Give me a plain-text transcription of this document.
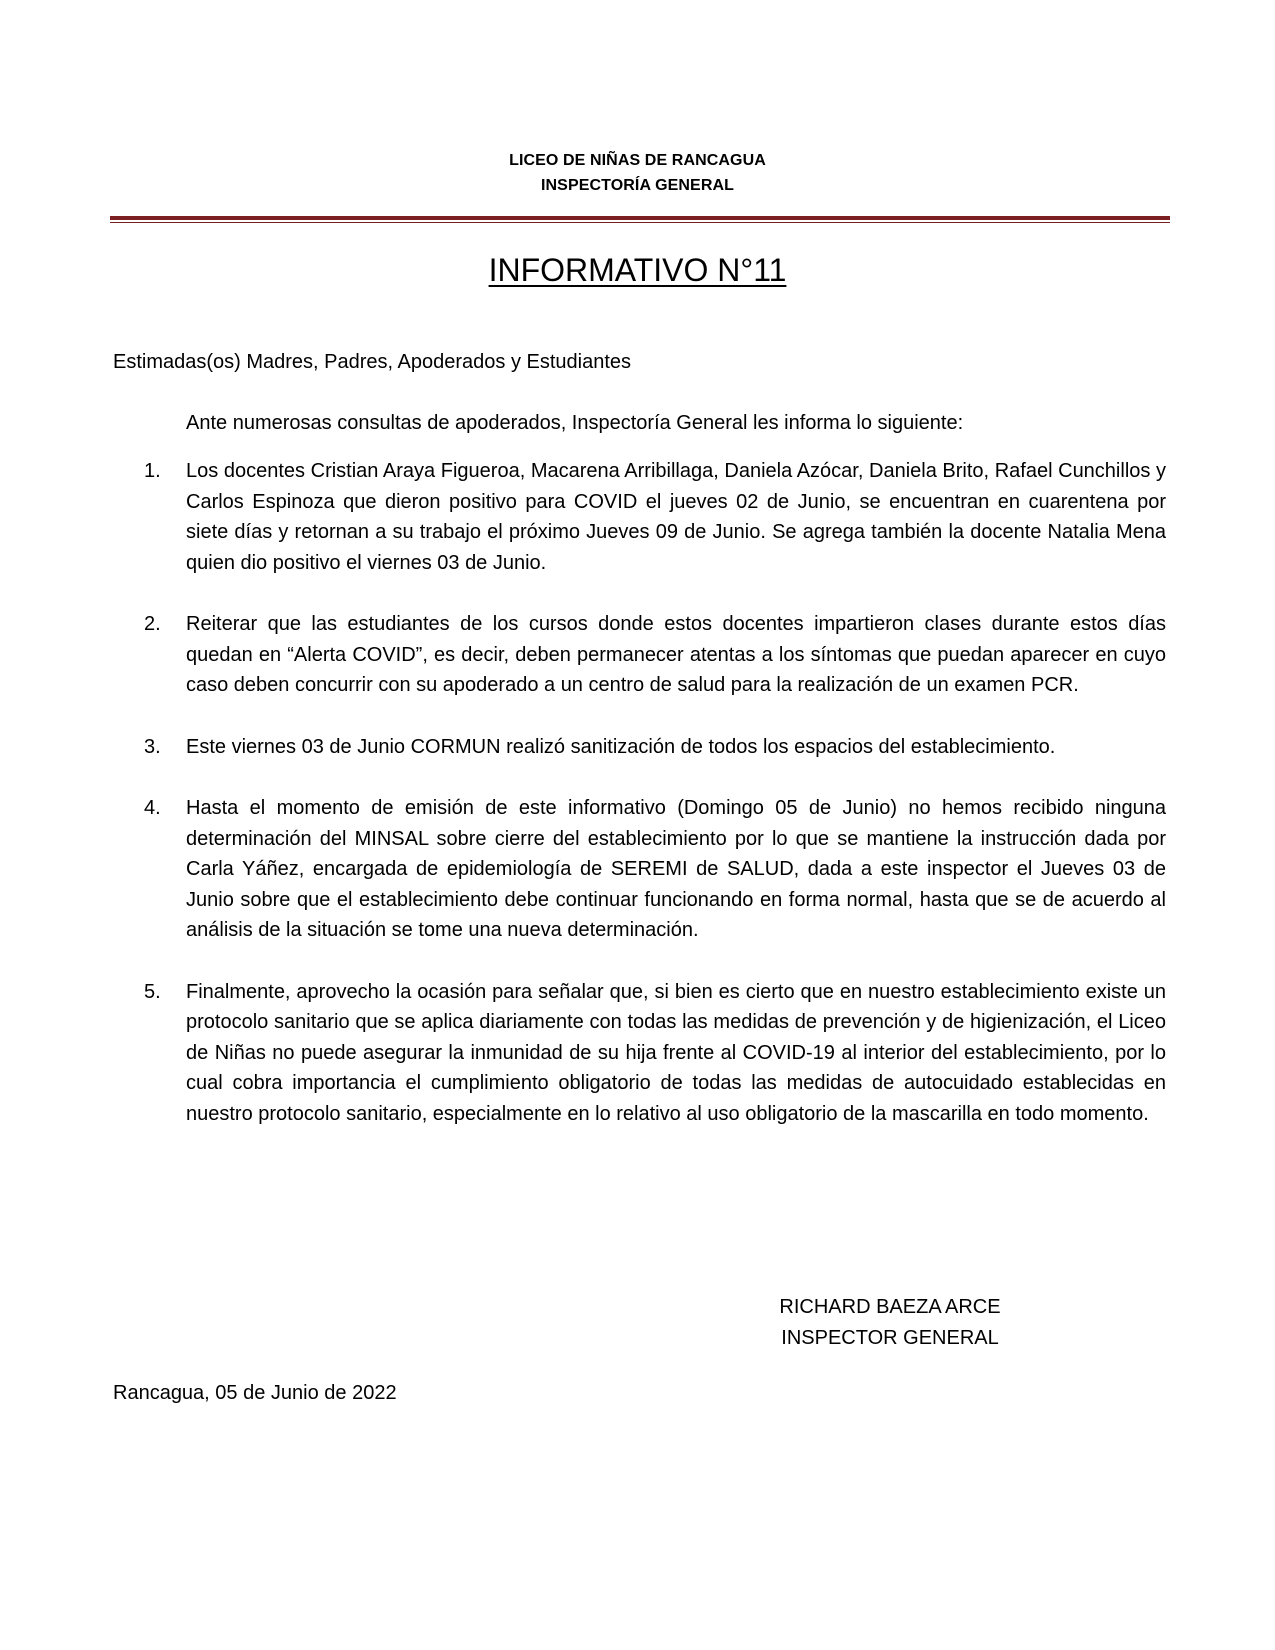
LICEO DE NIÑAS DE RANCAGUA
INSPECTORÍA GENERAL
INFORMATIVO N°11
Estimadas(os) Madres, Padres, Apoderados y Estudiantes
Ante numerosas consultas de apoderados, Inspectoría General les informa lo siguiente:
1.	Los docentes Cristian Araya Figueroa, Macarena Arribillaga, Daniela Azócar, Daniela Brito, Rafael Cunchillos y Carlos Espinoza que dieron positivo para COVID el jueves 02 de Junio, se encuentran en cuarentena por siete días y retornan a su trabajo el próximo Jueves 09 de Junio. Se agrega también la docente Natalia Mena quien dio positivo el viernes 03 de Junio.
2.	Reiterar que las estudiantes de los cursos donde estos docentes impartieron clases durante estos días quedan en “Alerta COVID”, es decir, deben permanecer atentas a los síntomas que puedan aparecer en cuyo caso deben concurrir con su apoderado a un centro de salud para la realización de un examen PCR.
3.	Este viernes 03 de Junio CORMUN realizó sanitización de todos los espacios del establecimiento.
4.	Hasta el momento de emisión de este informativo (Domingo 05 de Junio) no hemos recibido ninguna determinación del MINSAL sobre cierre del establecimiento por lo que se mantiene la instrucción dada por Carla Yáñez, encargada de epidemiología de SEREMI de SALUD, dada a este inspector el Jueves 03 de Junio sobre que el establecimiento debe continuar funcionando en forma normal, hasta que se de acuerdo al análisis de la situación se tome una nueva determinación.
5.	Finalmente, aprovecho la ocasión para señalar que, si bien es cierto que en nuestro establecimiento existe un protocolo sanitario que se aplica diariamente con todas las medidas de prevención y de higienización, el Liceo de Niñas no puede asegurar la inmunidad de su hija frente al COVID-19 al interior del establecimiento, por lo cual cobra importancia el cumplimiento obligatorio de todas las medidas de autocuidado establecidas en nuestro protocolo sanitario, especialmente en lo relativo al uso obligatorio de la mascarilla en todo momento.
RICHARD BAEZA ARCE
INSPECTOR GENERAL
Rancagua, 05 de Junio de 2022
